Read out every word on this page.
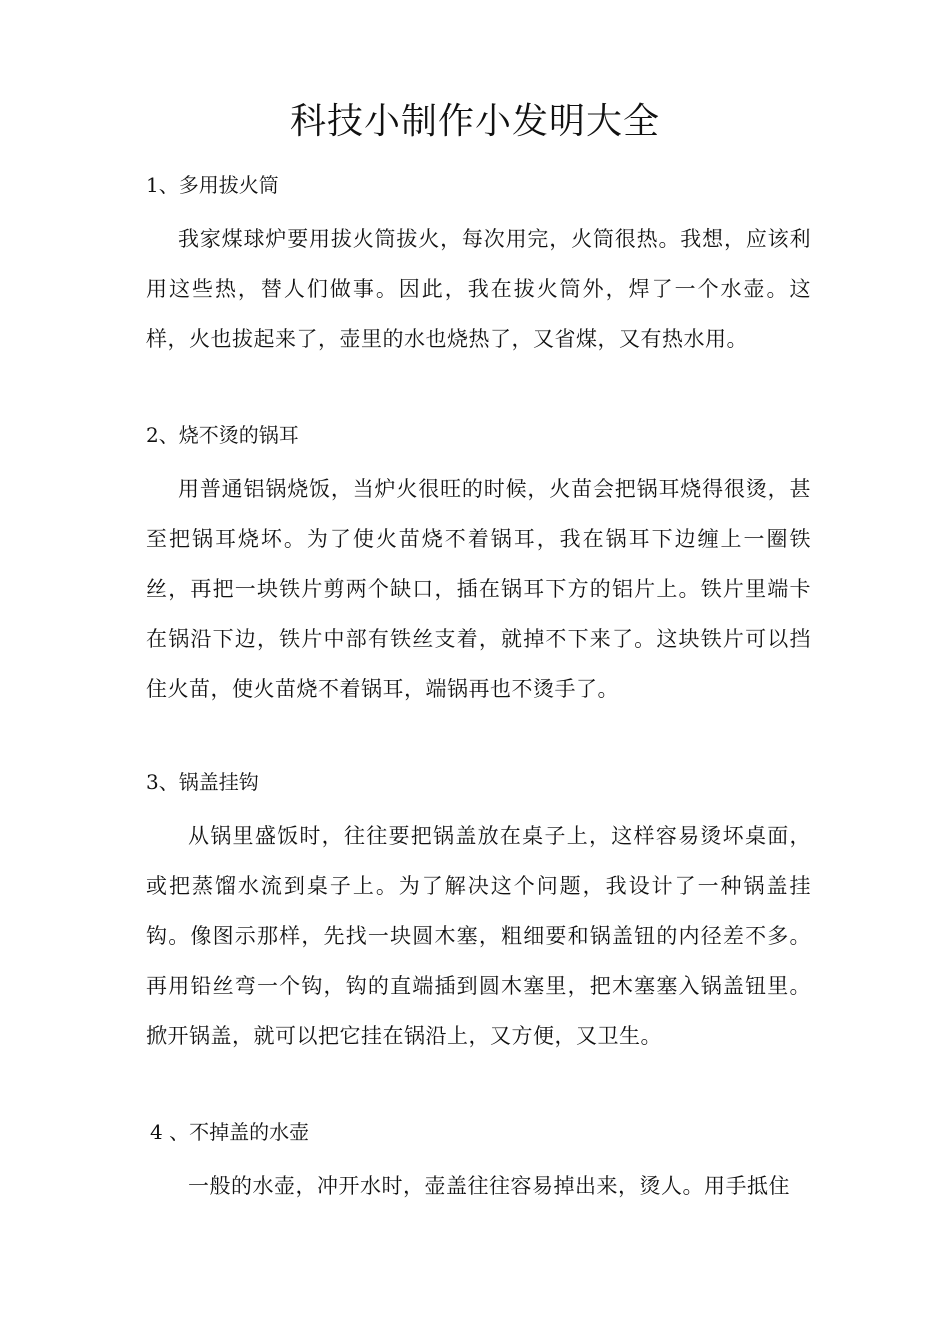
科技小制作小发明大全
1、多用拔火筒
我家煤球炉要用拔火筒拔火，每次用完，火筒很热。我想，应该利用这些热，替人们做事。因此，我在拔火筒外，焊了一个水壶。这样，火也拔起来了，壶里的水也烧热了，又省煤，又有热水用。
2、烧不烫的锅耳
用普通铝锅烧饭，当炉火很旺的时候，火苗会把锅耳烧得很烫，甚至把锅耳烧坏。为了使火苗烧不着锅耳，我在锅耳下边缠上一圈铁丝，再把一块铁片剪两个缺口，插在锅耳下方的铝片上。铁片里端卡在锅沿下边，铁片中部有铁丝支着，就掉不下来了。这块铁片可以挡住火苗，使火苗烧不着锅耳，端锅再也不烫手了。
3、锅盖挂钩
从锅里盛饭时，往往要把锅盖放在桌子上，这样容易烫坏桌面，或把蒸馏水流到桌子上。为了解决这个问题，我设计了一种锅盖挂钩。像图示那样，先找一块圆木塞，粗细要和锅盖钮的内径差不多。再用铅丝弯一个钩，钩的直端插到圆木塞里，把木塞塞入锅盖钮里。掀开锅盖，就可以把它挂在锅沿上，又方便，又卫生。
4 、不掉盖的水壶
一般的水壶，冲开水时，壶盖往往容易掉出来，烫人。用手抵住
